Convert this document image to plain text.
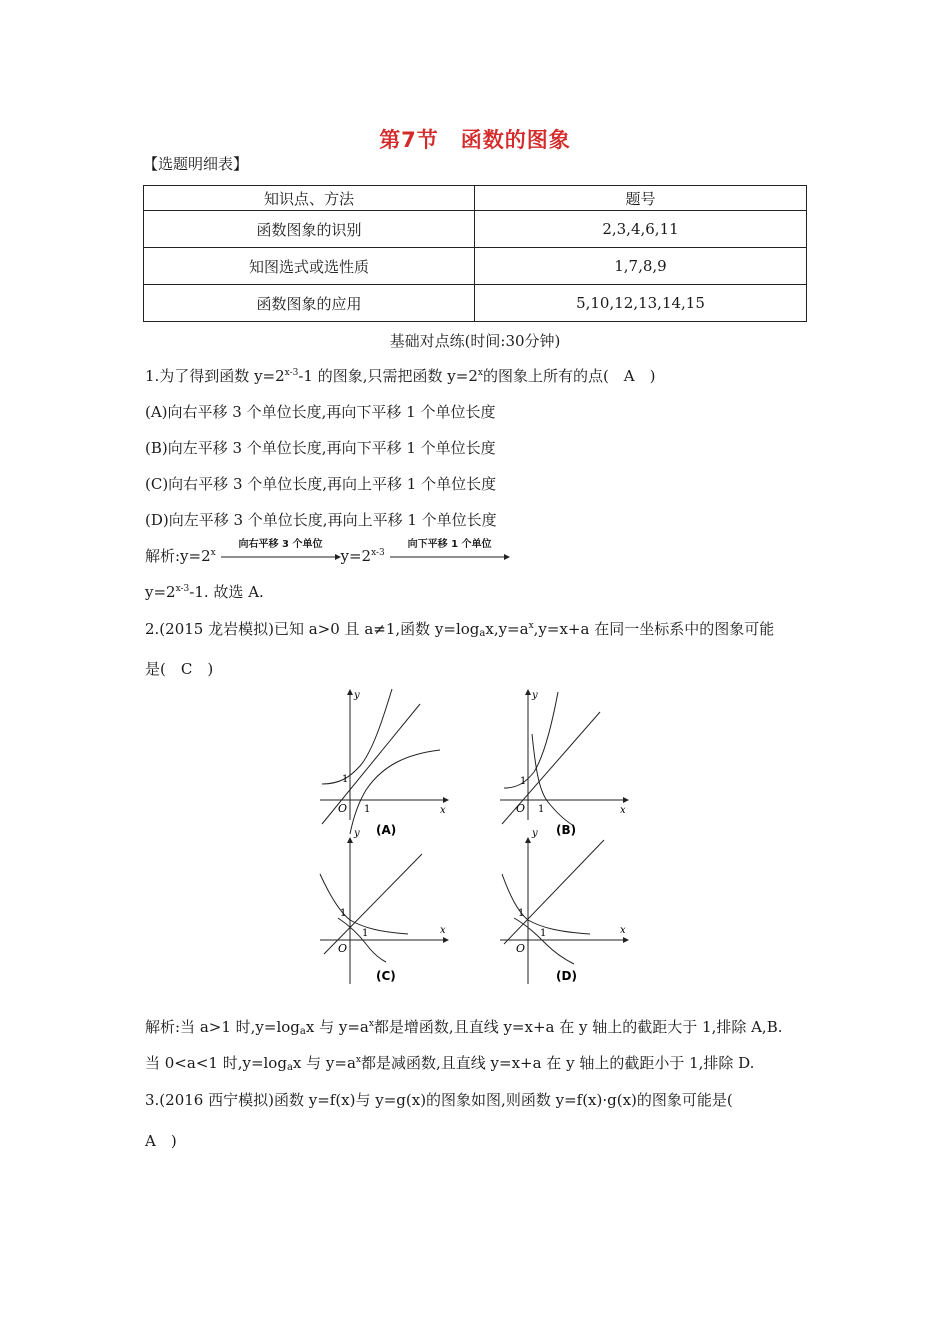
第7节　函数的图象
【选题明细表】
知识点、方法	题号
函数图象的识别	2,3,4,6,11
知图选式或选性质	1,7,8,9
函数图象的应用	5,10,12,13,14,15
基础对点练(时间:30分钟)
1.为了得到函数 $y=2^{x-3}-1$ 的图象,只需把函数 $y=2^x$的图象上所有的点(　A　)
(A)向右平移 3 个单位长度,再向下平移 1 个单位长度
(B)向左平移 3 个单位长度,再向下平移 1 个单位长度
(C)向右平移 3 个单位长度,再向上平移 1 个单位长度
(D)向左平移 3 个单位长度,再向上平移 1 个单位长度
解析$:y=2^x$
向右平移 3 个单位
$y=2^{x-3}$
向下平移 1 个单位
$y=2^{x-3}-1$. 故选 A.
2.(2015 龙岩模拟)已知 a>0 且 a≠1,函数 $y=\log_ax,y=a^x,y=x+a$ 在同一坐标系中的图象可能
是(　C　)
y
x
O
1
1
(A)
y
x
O
1
1
(B)
y
x
O
1
1
(C)
y
x
O
1
1
(D)
解析:当 a>1 时$,y=\log_ax$ 与 $y=a^x$都是增函数,且直线 y=x+a 在 y 轴上的截距大于 1,排除 A,B.
当 0<a<1 时$,y=\log_ax$ 与 $y=a^x$都是减函数,且直线 y=x+a 在 y 轴上的截距小于 1,排除 D.
3.(2016 西宁模拟)函数 y=f(x)与 y=g(x)的图象如图,则函数 y=f(x)·g(x)的图象可能是(
A　)
